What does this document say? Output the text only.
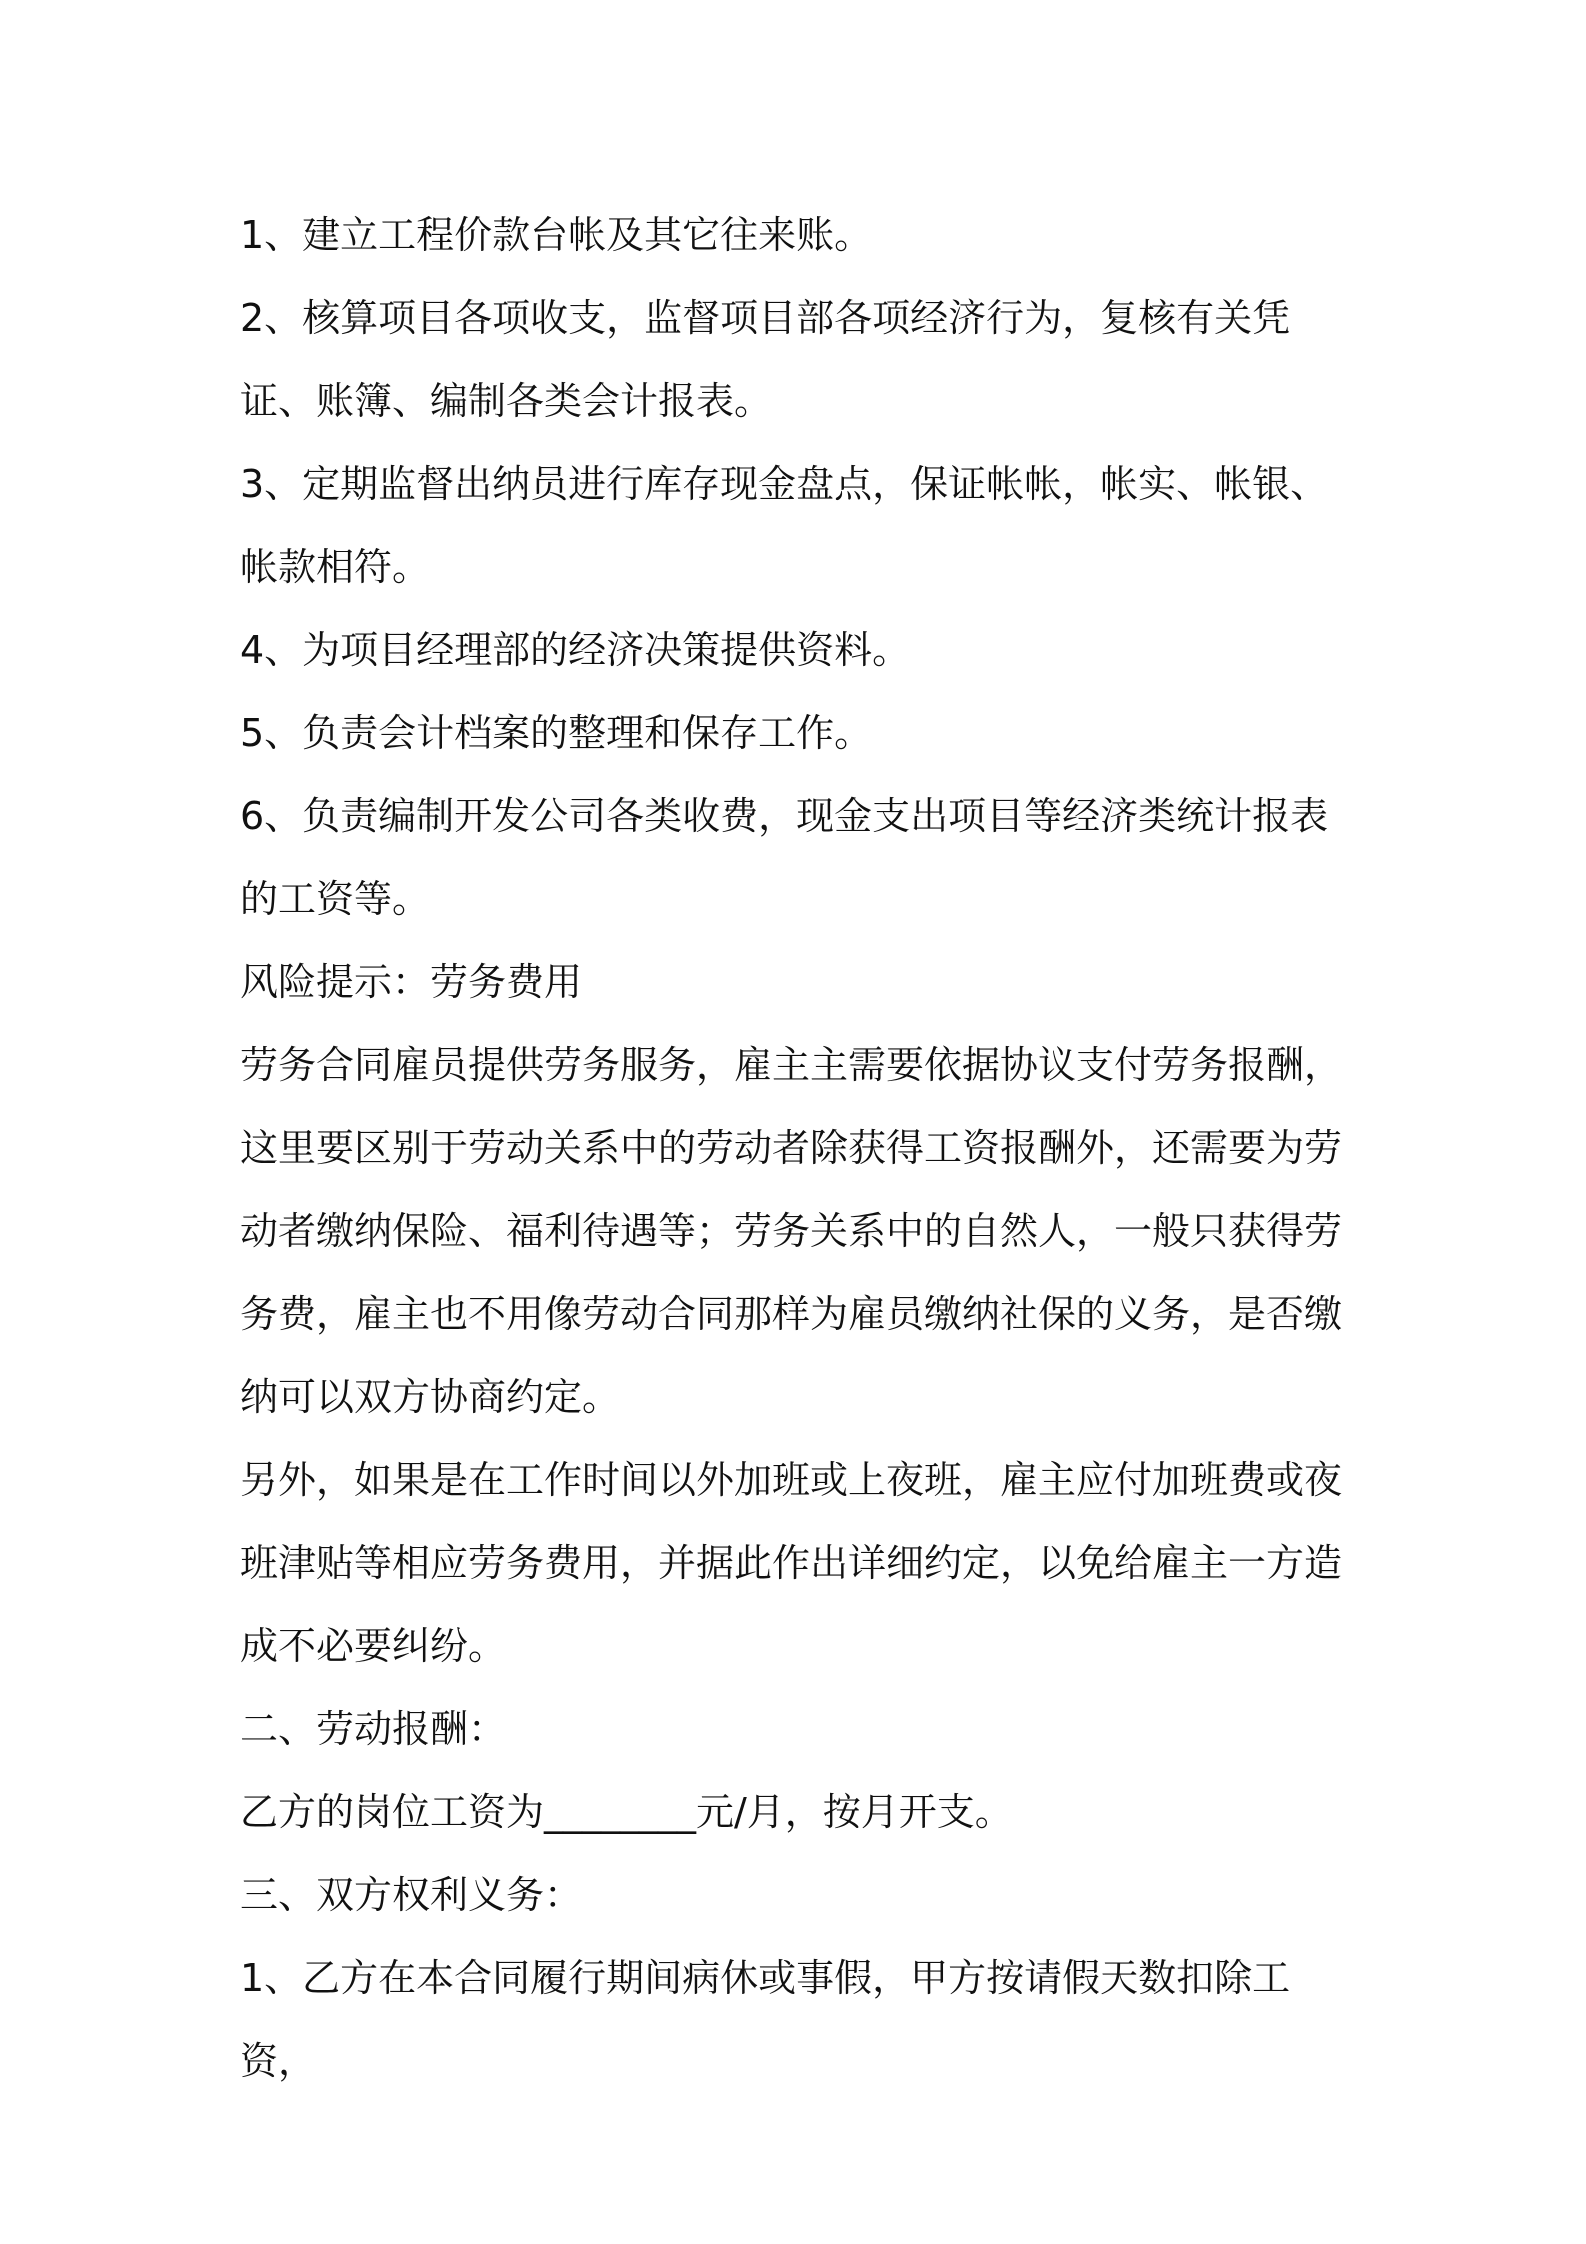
1、建立工程价款台帐及其它往来账。

2、核算项目各项收支，监督项目部各项经济行为，复核有关凭证、账簿、编制各类会计报表。

3、定期监督出纳员进行库存现金盘点，保证帐帐，帐实、帐银、帐款相符。

4、为项目经理部的经济决策提供资料。

5、负责会计档案的整理和保存工作。

6、负责编制开发公司各类收费，现金支出项目等经济类统计报表的工资等。

风险提示：劳务费用

劳务合同雇员提供劳务服务，雇主主需要依据协议支付劳务报酬，这里要区别于劳动关系中的劳动者除获得工资报酬外，还需要为劳动者缴纳保险、福利待遇等；劳务关系中的自然人，一般只获得劳务费，雇主也不用像劳动合同那样为雇员缴纳社保的义务，是否缴纳可以双方协商约定。

另外，如果是在工作时间以外加班或上夜班，雇主应付加班费或夜班津贴等相应劳务费用，并据此作出详细约定，以免给雇主一方造成不必要纠纷。

二、劳动报酬：

乙方的岗位工资为________元/月，按月开支。

三、双方权利义务：

1、乙方在本合同履行期间病休或事假，甲方按请假天数扣除工资，
